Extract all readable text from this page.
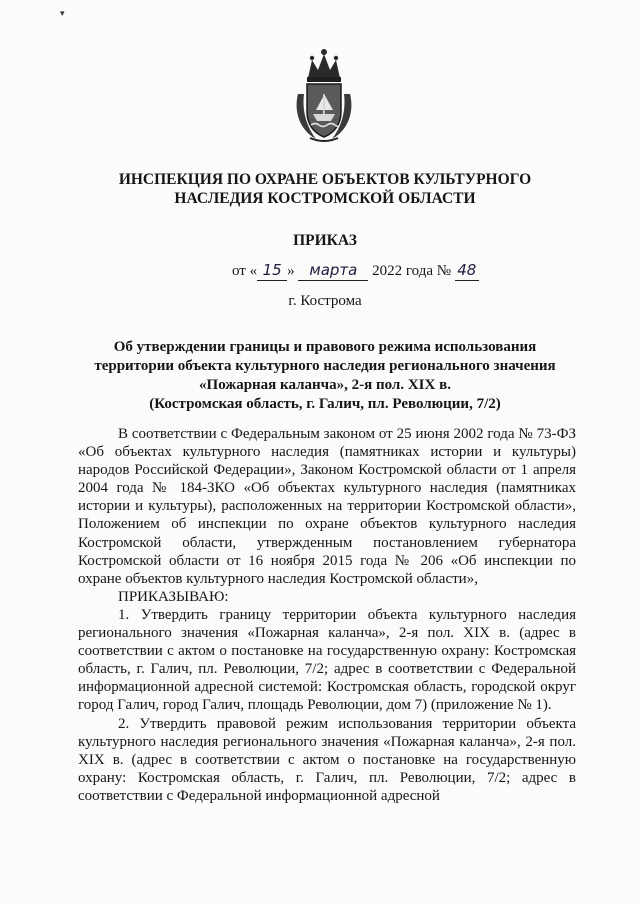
▾
ИНСПЕКЦИЯ ПО ОХРАНЕ ОБЪЕКТОВ КУЛЬТУРНОГО
НАСЛЕДИЯ КОСТРОМСКОЙ ОБЛАСТИ
ПРИКАЗ
от « 15 » марта 2022 года № 48
г. Кострома
Об утверждении границы и правового режима использования
территории объекта культурного наследия регионального значения
«Пожарная каланча», 2-я пол. XIX в.
(Костромская область, г. Галич, пл. Революции, 7/2)

В соответствии с Федеральным законом от 25 июня 2002 года № 73-ФЗ «Об объектах культурного наследия (памятниках истории и культуры) народов Российской Федерации», Законом Костромской области от 1 апреля 2004 года № 184-ЗКО «Об объектах культурного наследия (памятниках истории и культуры), расположенных на территории Костромской области», Положением об инспекции по охране объектов культурного наследия Костромской области, утвержденным постановлением губернатора Костромской области от 16 ноября 2015 года № 206 «Об инспекции по охране объектов культурного наследия Костромской области»,

ПРИКАЗЫВАЮ:

1. Утвердить границу территории объекта культурного наследия регионального значения «Пожарная каланча», 2-я пол. XIX в. (адрес в соответствии с актом о постановке на государственную охрану: Костромская область, г. Галич, пл. Революции, 7/2; адрес в соответствии с Федеральной информационной адресной системой: Костромская область, городской округ город Галич, город Галич, площадь Революции, дом 7) (приложение № 1).

2. Утвердить правовой режим использования территории объекта культурного наследия регионального значения «Пожарная каланча», 2-я пол. XIX в. (адрес в соответствии с актом о постановке на государственную охрану: Костромская область, г. Галич, пл. Революции, 7/2; адрес в соответствии с Федеральной информационной адресной
